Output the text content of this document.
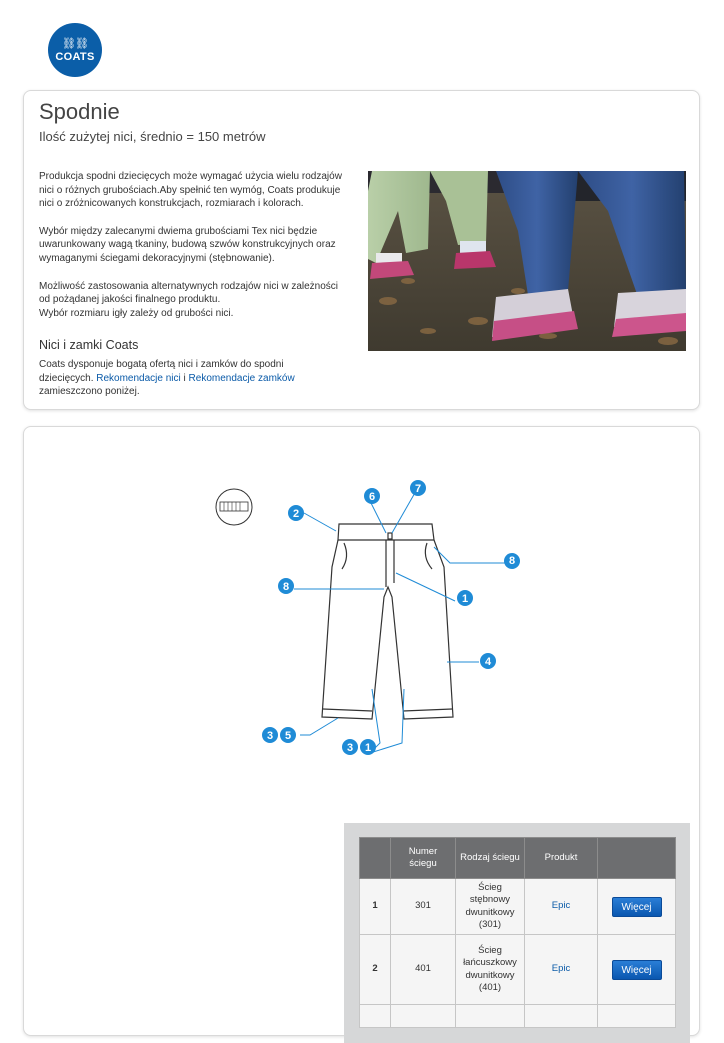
⛓⛓
COATS
Spodnie

Ilość zużytej nici, średnio = 150 metrów

Produkcja spodni dziecięcych może wymagać użycia wielu rodzajów nici o różnych grubościach.Aby spełnić ten wymóg, Coats produkuje nici o zróżnicowanych konstrukcjach, rozmiarach i kolorach.

Wybór między zalecanymi dwiema grubościami Tex nici będzie uwarunkowany wagą tkaniny, budową szwów konstrukcyjnych oraz wymaganymi ściegami dekoracyjnymi (stębnowanie).

Możliwość zastosowania alternatywnych rodzajów nici w zależności od pożądanej jakości finalnego produktu.

Wybór rozmiaru igły zależy od grubości nici.

Nici i zamki Coats
Coats dysponuje bogatą ofertą nici i zamków do spodni dziecięcych. Rekomendacje nici i Rekomendacje zamków zamieszczono poniżej.
2
6
7
8
1
4
3 5
3 1
8
	Numer ściegu	Rodzaj ściegu	Produkt	
1	301	Ścieg stębnowy dwunitkowy (301)	Epic	Więcej
2	401	Ścieg łańcuszkowy dwunitkowy (401)	Epic	Więcej
